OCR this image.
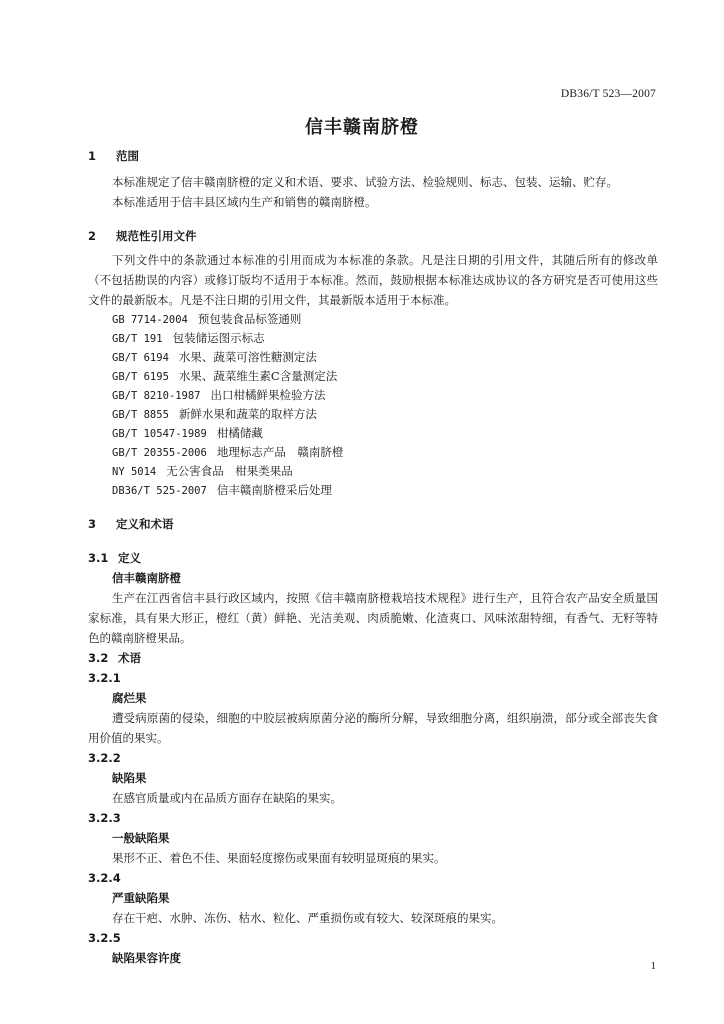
DB36/T 523—2007
信丰赣南脐橙
1 范围
本标准规定了信丰赣南脐橙的定义和术语、要求、试验方法、检验规则、标志、包装、运输、贮存。
本标准适用于信丰县区域内生产和销售的赣南脐橙。
2 规范性引用文件
下列文件中的条款通过本标准的引用而成为本标准的条款。凡是注日期的引用文件，其随后所有的修改单（不包括勘误的内容）或修订版均不适用于本标准。然而，鼓励根据本标准达成协议的各方研究是否可使用这些文件的最新版本。凡是不注日期的引用文件，其最新版本适用于本标准。
GB 7714-2004 预包装食品标签通则
GB/T 191 包装储运图示标志
GB/T 6194 水果、蔬菜可溶性糖测定法
GB/T 6195 水果、蔬菜维生素C含量测定法
GB/T 8210-1987 出口柑橘鲜果检验方法
GB/T 8855 新鲜水果和蔬菜的取样方法
GB/T 10547-1989 柑橘储藏
GB/T 20355-2006 地理标志产品　赣南脐橙
NY 5014 无公害食品　柑果类果品
DB36/T 525-2007 信丰赣南脐橙采后处理
3 定义和术语
3.1 定义
信丰赣南脐橙
生产在江西省信丰县行政区域内，按照《信丰赣南脐橙栽培技术规程》进行生产，且符合农产品安全质量国家标准，具有果大形正，橙红（黄）鲜艳、光洁美观、肉质脆嫩、化渣爽口、风味浓甜特细，有香气、无籽等特色的赣南脐橙果品。
3.2 术语
3.2.1
腐烂果
遭受病原菌的侵染，细胞的中胶层被病原菌分泌的酶所分解，导致细胞分离，组织崩溃，部分或全部丧失食用价值的果实。
3.2.2
缺陷果
在感官质量或内在品质方面存在缺陷的果实。
3.2.3
一般缺陷果
果形不正、着色不佳、果面轻度擦伤或果面有较明显斑痕的果实。
3.2.4
严重缺陷果
存在干疤、水肿、冻伤、枯水、粒化、严重损伤或有较大、较深斑痕的果实。
3.2.5
缺陷果容许度
1
